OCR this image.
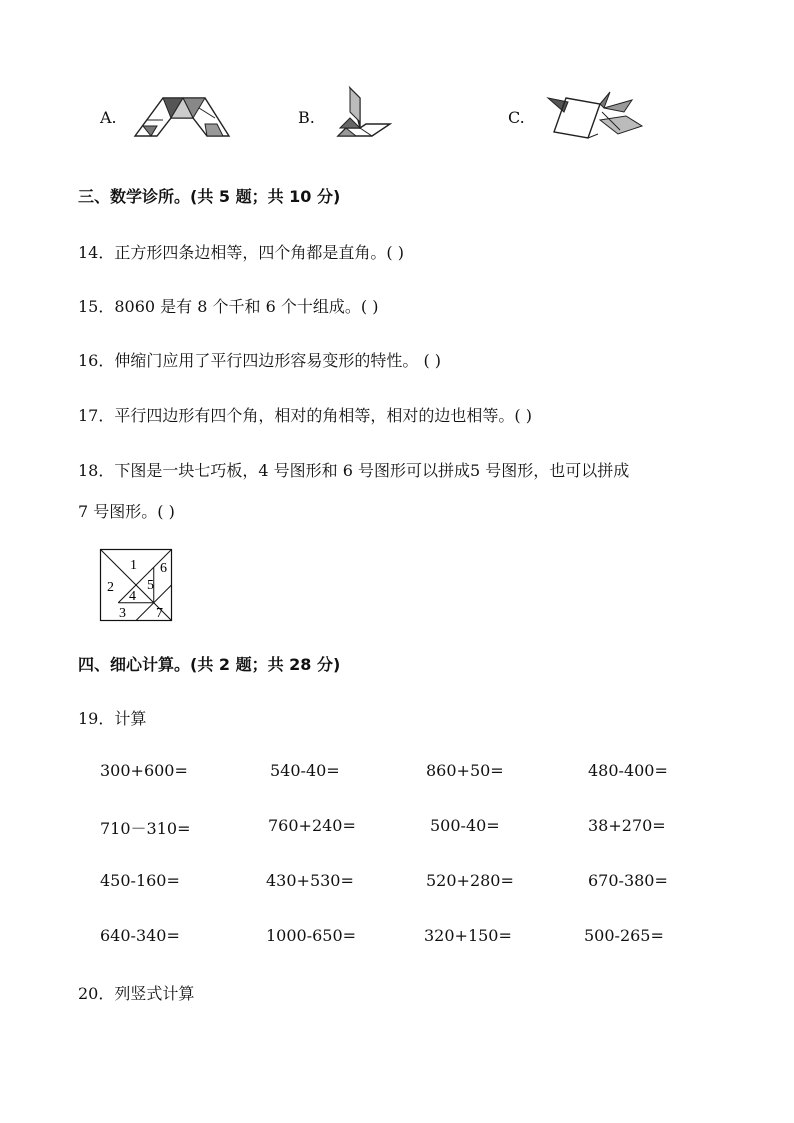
A.	B.	C.
三、数学诊所。(共 5 题；共 10 分)
14．正方形四条边相等，四个角都是直角。( )
15．8060 是有 8 个千和 6 个十组成。( )
16．伸缩门应用了平行四边形容易变形的特性。 ( )
17．平行四边形有四个角，相对的角相等，相对的边也相等。( )
18．下图是一块七巧板，4 号图形和 6 号图形可以拼成5 号图形，也可以拼成
7 号图形。( )
1
2
3
4
5
6
7
四、细心计算。(共 2 题；共 28 分)
19．计算
300+600=	540-40=	860+50=	480-400=
710－310=	760+240=	500-40=	38+270=
450-160=	430+530=	520+280=	670-380=
640-340=	1000-650=	320+150=	500-265=
20．列竖式计算
